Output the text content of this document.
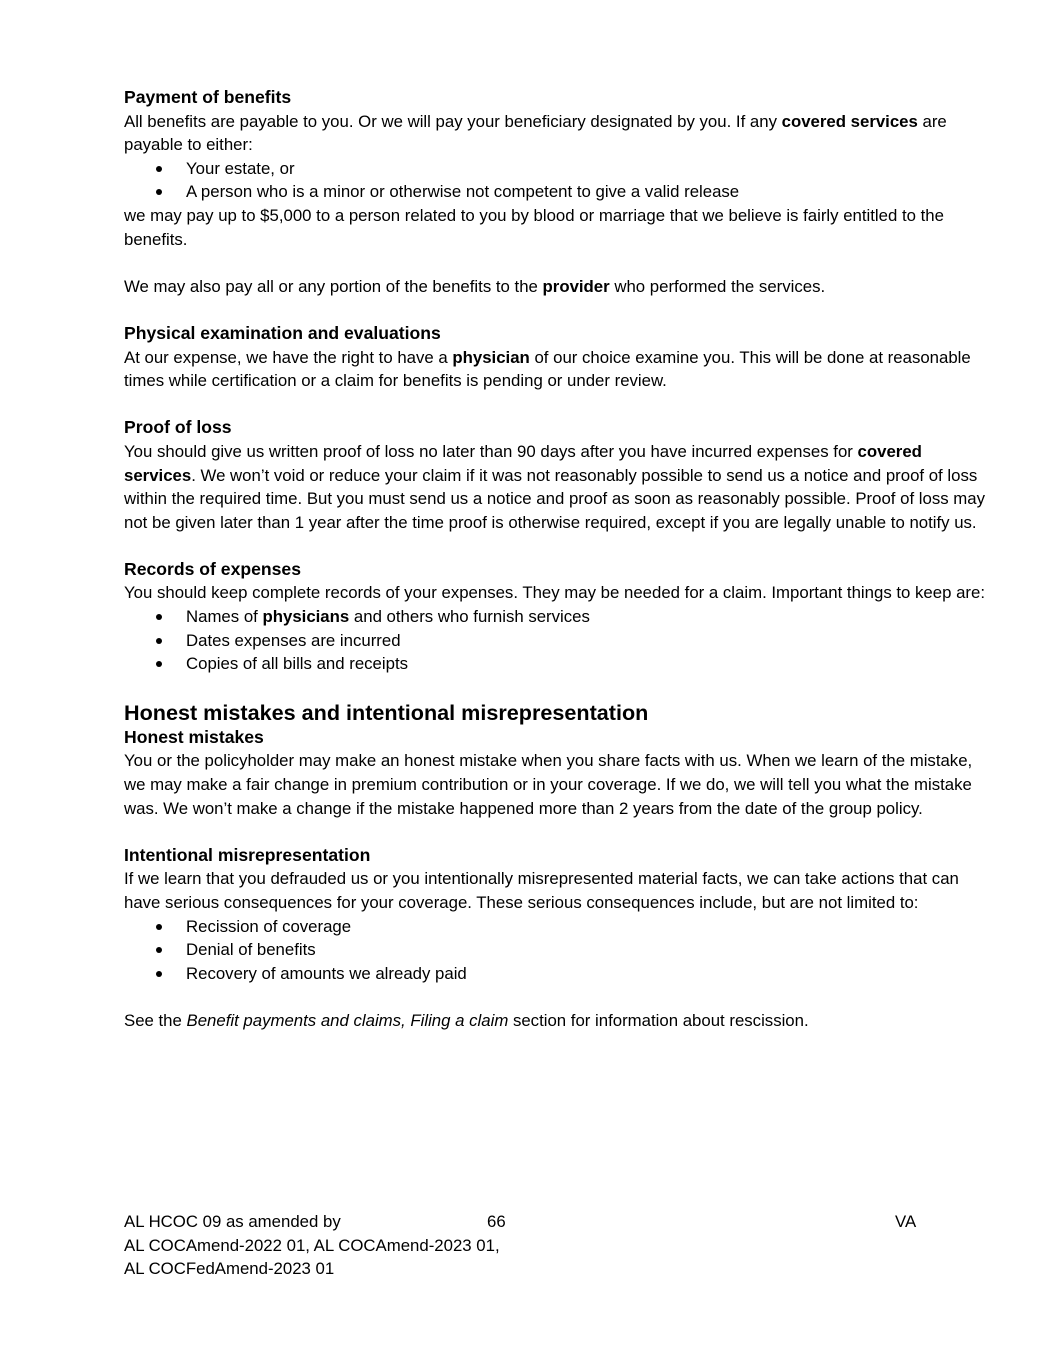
Payment of benefits

All benefits are payable to you. Or we will pay your beneficiary designated by you. If any covered services are payable to either:

Your estate, or
A person who is a minor or otherwise not competent to give a valid release

we may pay up to $5,000 to a person related to you by blood or marriage that we believe is fairly entitled to the benefits.

We may also pay all or any portion of the benefits to the provider who performed the services.

Physical examination and evaluations

At our expense, we have the right to have a physician of our choice examine you. This will be done at reasonable times while certification or a claim for benefits is pending or under review.

Proof of loss

You should give us written proof of loss no later than 90 days after you have incurred expenses for covered services. We won’t void or reduce your claim if it was not reasonably possible to send us a notice and proof of loss within the required time. But you must send us a notice and proof as soon as reasonably possible. Proof of loss may not be given later than 1 year after the time proof is otherwise required, except if you are legally unable to notify us.

Records of expenses

You should keep complete records of your expenses. They may be needed for a claim. Important things to keep are:

Names of physicians and others who furnish services
Dates expenses are incurred
Copies of all bills and receipts
Honest mistakes and intentional misrepresentation
Honest mistakes

You or the policyholder may make an honest mistake when you share facts with us. When we learn of the mistake, we may make a fair change in premium contribution or in your coverage. If we do, we will tell you what the mistake was. We won’t make a change if the mistake happened more than 2 years from the date of the group policy.

Intentional misrepresentation

If we learn that you defrauded us or you intentionally misrepresented material facts, we can take actions that can have serious consequences for your coverage. These serious consequences include, but are not limited to:

Recission of coverage
Denial of benefits
Recovery of amounts we already paid

See the Benefit payments and claims, Filing a claim section for information about rescission.

AL HCOC 09 as amended by	66	VA
AL COCAmend-2022 01, AL COCAmend-2023 01,
AL COCFedAmend-2023 01
